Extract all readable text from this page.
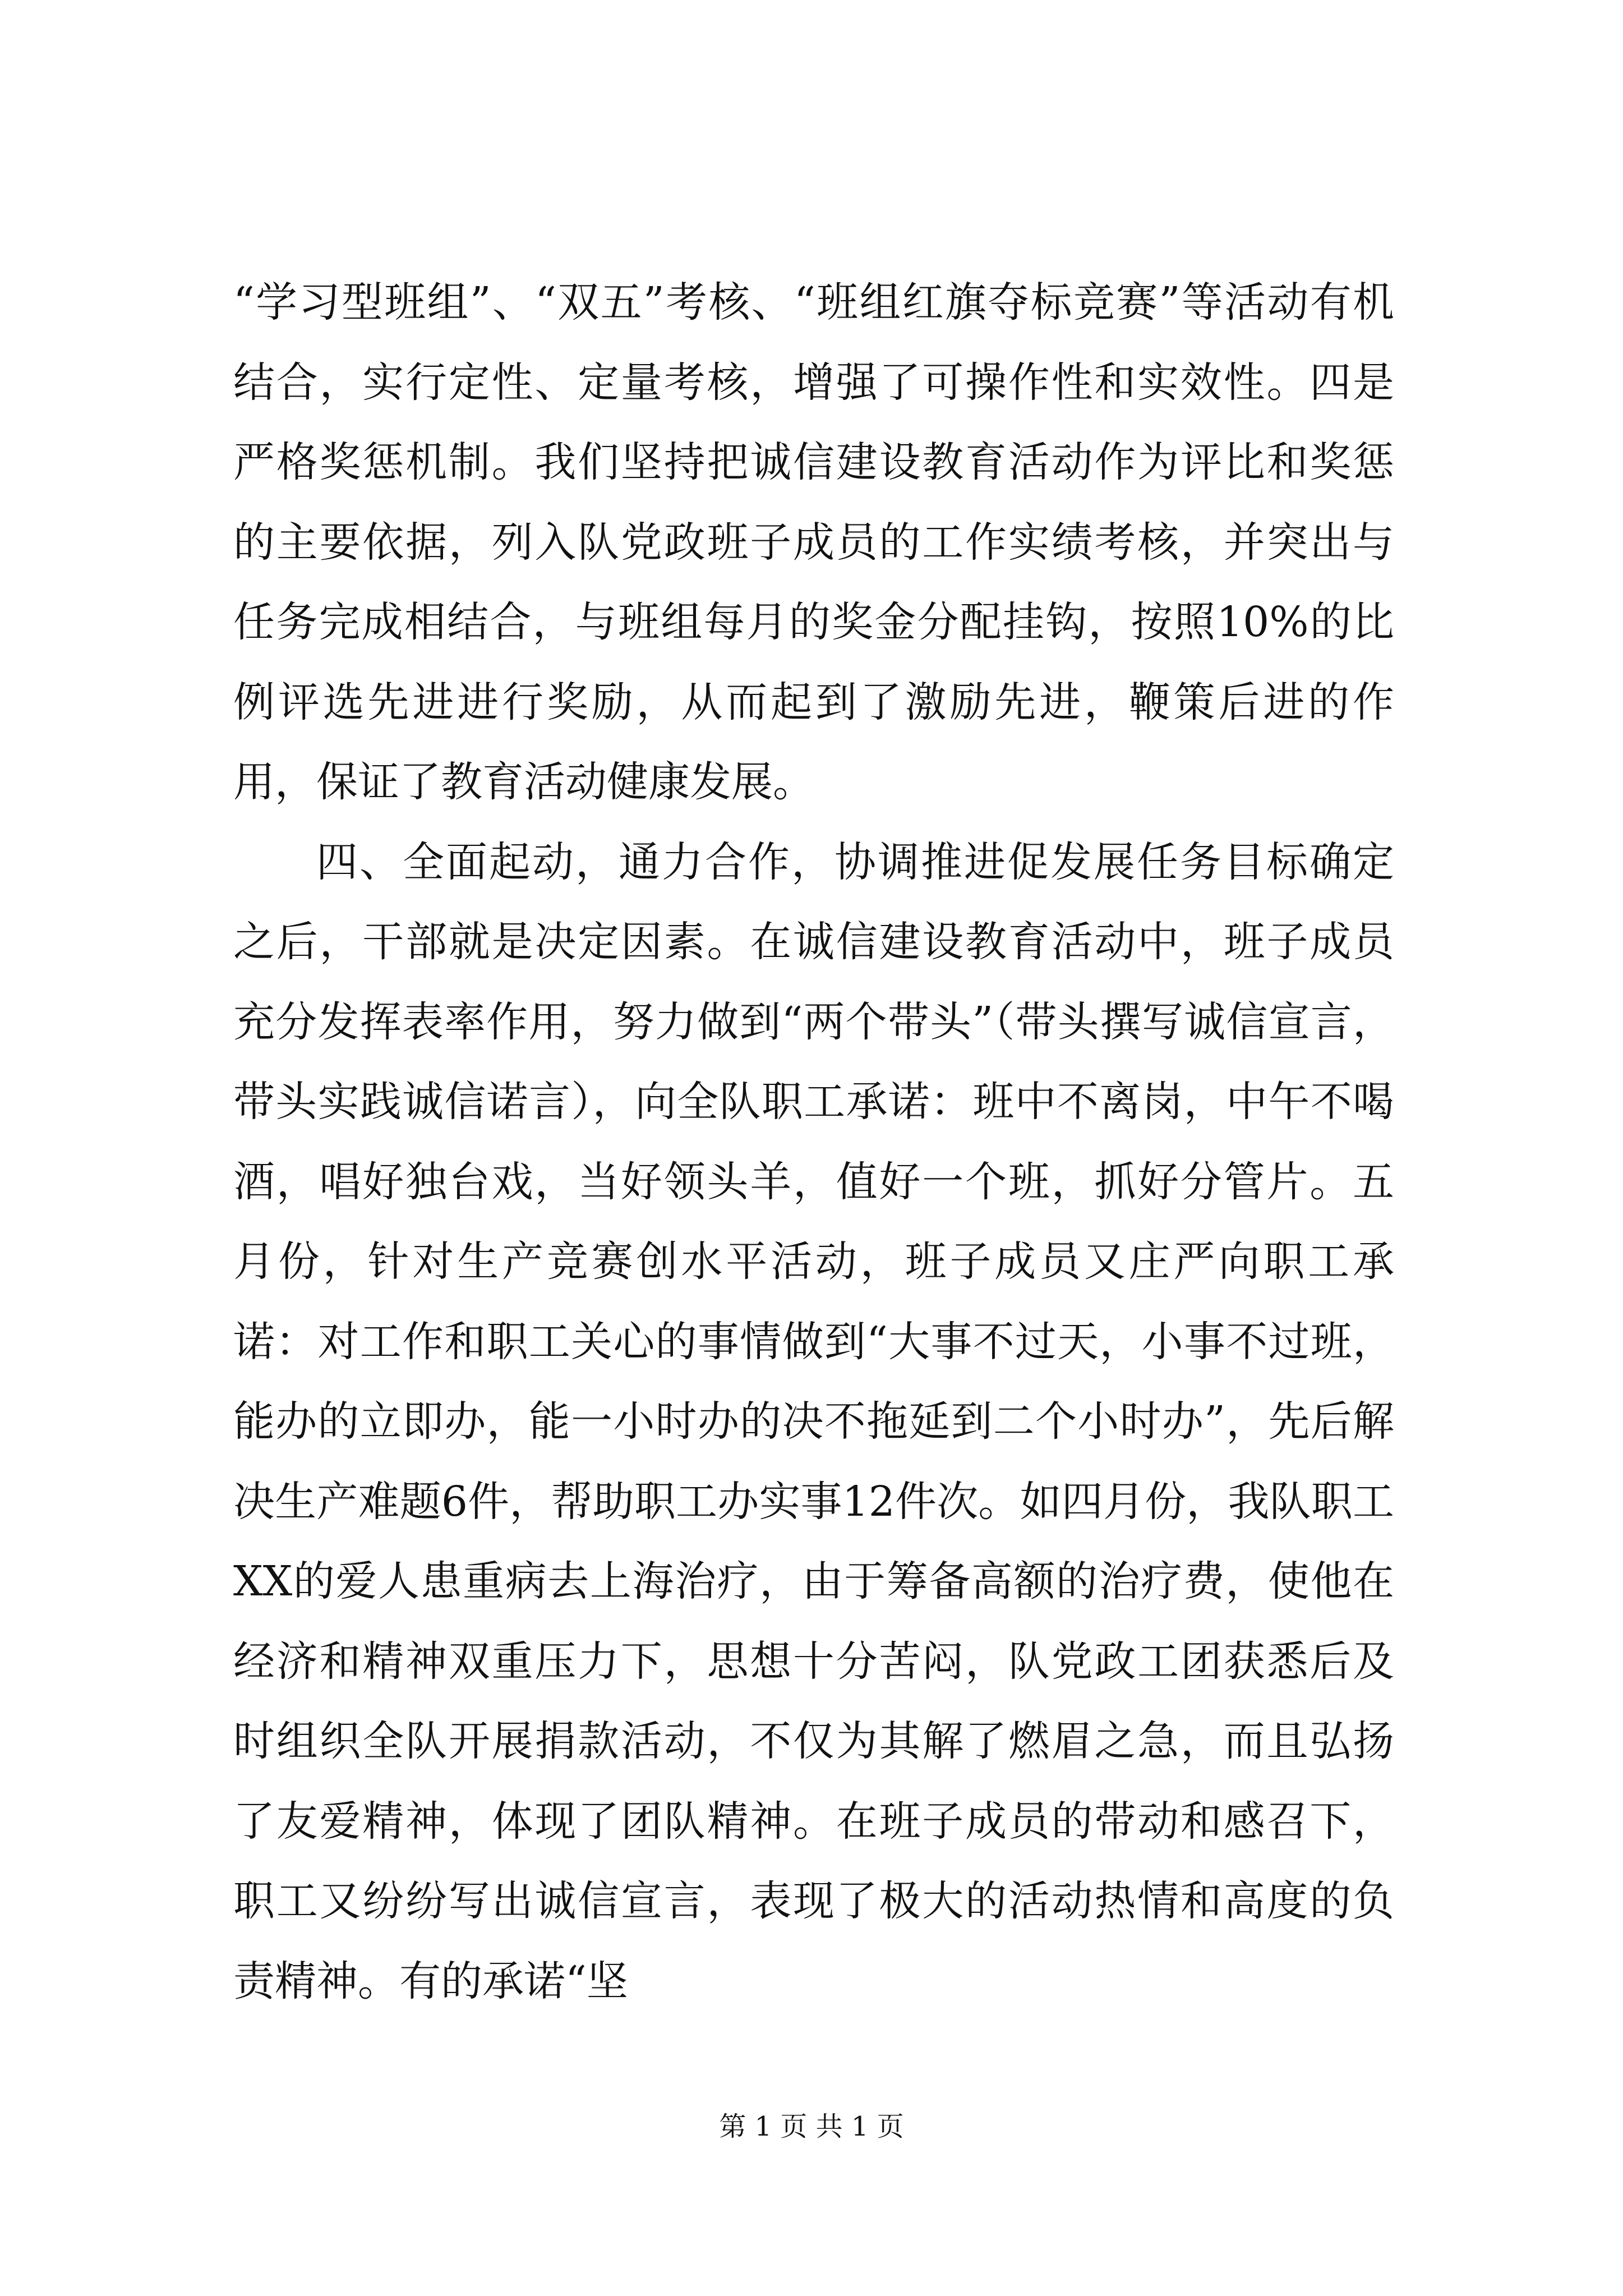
“学习型班组”、“双五”考核、“班组红旗夺标竞赛”等活动有机结合，实行定性、定量考核，增强了可操作性和实效性。四是严格奖惩机制。我们坚持把诚信建设教育活动作为评比和奖惩的主要依据，列入队党政班子成员的工作实绩考核，并突出与任务完成相结合，与班组每月的奖金分配挂钩，按照10%的比例评选先进进行奖励，从而起到了激励先进，鞭策后进的作用，保证了教育活动健康发展。

四、全面起动，通力合作，协调推进促发展任务目标确定之后，干部就是决定因素。在诚信建设教育活动中，班子成员充分发挥表率作用，努力做到“两个带头”（带头撰写诚信宣言，带头实践诚信诺言），向全队职工承诺：班中不离岗，中午不喝酒，唱好独台戏，当好领头羊，值好一个班，抓好分管片。五月份，针对生产竞赛创水平活动，班子成员又庄严向职工承诺：对工作和职工关心的事情做到“大事不过天，小事不过班，能办的立即办，能一小时办的决不拖延到二个小时办”，先后解决生产难题6件，帮助职工办实事12件次。如四月份，我队职工XX的爱人患重病去上海治疗，由于筹备高额的治疗费，使他在经济和精神双重压力下，思想十分苦闷，队党政工团获悉后及时组织全队开展捐款活动，不仅为其解了燃眉之急，而且弘扬了友爱精神，体现了团队精神。在班子成员的带动和感召下，职工又纷纷写出诚信宣言，表现了极大的活动热情和高度的负责精神。有的承诺“坚

第 1 页 共 1 页
